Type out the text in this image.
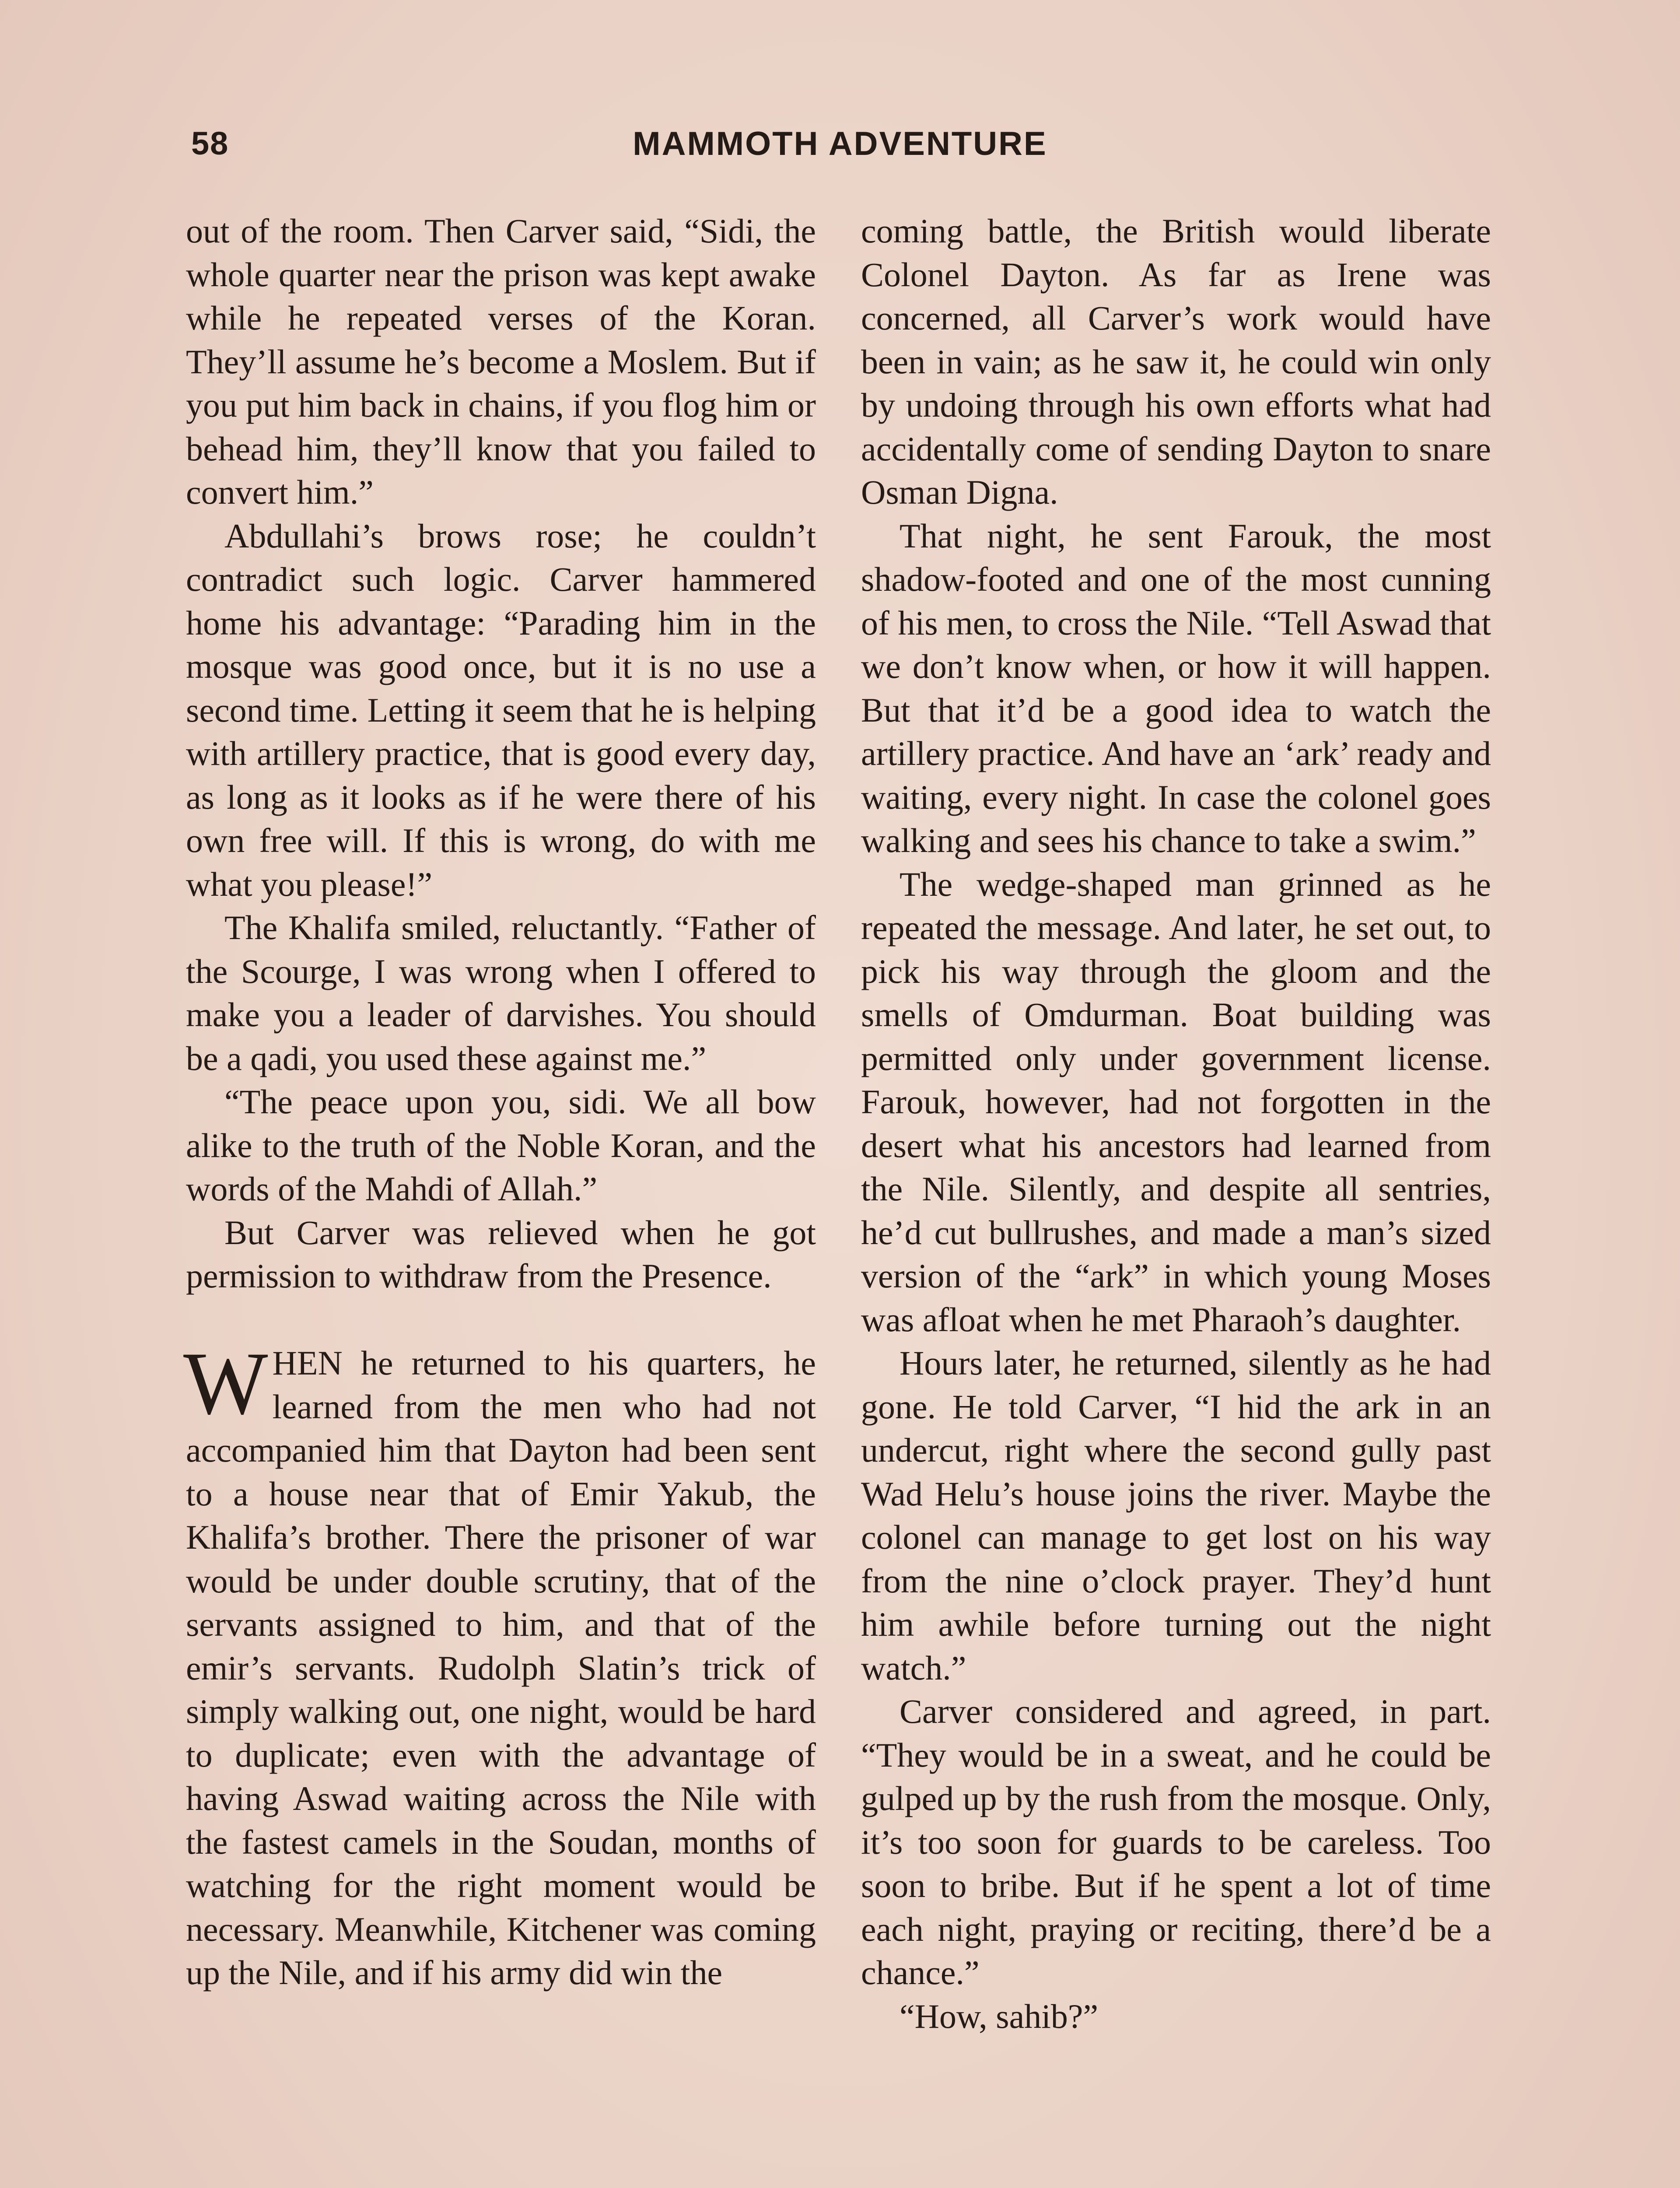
58	MAMMOTH ADVENTURE

out of the room. Then Carver said, “Sidi, the whole quarter near the prison was kept awake while he repeated verses of the Koran. They’ll assume he’s become a Moslem. But if you put him back in chains, if you flog him or behead him, they’ll know that you failed to convert him.”

Abdullahi’s brows rose; he couldn’t contradict such logic. Carver hammered home his advantage: “Parading him in the mosque was good once, but it is no use a second time. Letting it seem that he is helping with artillery practice, that is good every day, as long as it looks as if he were there of his own free will. If this is wrong, do with me what you please!”

The Khalifa smiled, reluctantly. “Father of the Scourge, I was wrong when I offered to make you a leader of darvishes. You should be a qadi, you used these against me.”

“The peace upon you, sidi. We all bow alike to the truth of the Noble Koran, and the words of the Mahdi of Allah.”

But Carver was relieved when he got permission to withdraw from the Presence.

WHEN he returned to his quarters, he learned from the men who had not accompanied him that Dayton had been sent to a house near that of Emir Yakub, the Khalifa’s brother. There the prisoner of war would be under double scrutiny, that of the servants assigned to him, and that of the emir’s servants. Rudolph Slatin’s trick of simply walking out, one night, would be hard to duplicate; even with the advantage of having Aswad waiting across the Nile with the fastest camels in the Soudan, months of watching for the right moment would be necessary. Meanwhile, Kitchener was coming up the Nile, and if his army did win the

coming battle, the British would liberate Colonel Dayton. As far as Irene was concerned, all Carver’s work would have been in vain; as he saw it, he could win only by undoing through his own efforts what had accidentally come of sending Dayton to snare Osman Digna.

That night, he sent Farouk, the most shadow-footed and one of the most cunning of his men, to cross the Nile. “Tell Aswad that we don’t know when, or how it will happen. But that it’d be a good idea to watch the artillery practice. And have an ‘ark’ ready and waiting, every night. In case the colonel goes walking and sees his chance to take a swim.”

The wedge-shaped man grinned as he repeated the message. And later, he set out, to pick his way through the gloom and the smells of Omdurman. Boat building was permitted only under government license. Farouk, however, had not forgotten in the desert what his ancestors had learned from the Nile. Silently, and despite all sentries, he’d cut bullrushes, and made a man’s sized version of the “ark” in which young Moses was afloat when he met Pharaoh’s daughter.

Hours later, he returned, silently as he had gone. He told Carver, “I hid the ark in an undercut, right where the second gully past Wad Helu’s house joins the river. Maybe the colonel can manage to get lost on his way from the nine o’clock prayer. They’d hunt him awhile before turning out the night watch.”

Carver considered and agreed, in part. “They would be in a sweat, and he could be gulped up by the rush from the mosque. Only, it’s too soon for guards to be careless. Too soon to bribe. But if he spent a lot of time each night, praying or reciting, there’d be a chance.”

“How, sahib?”
